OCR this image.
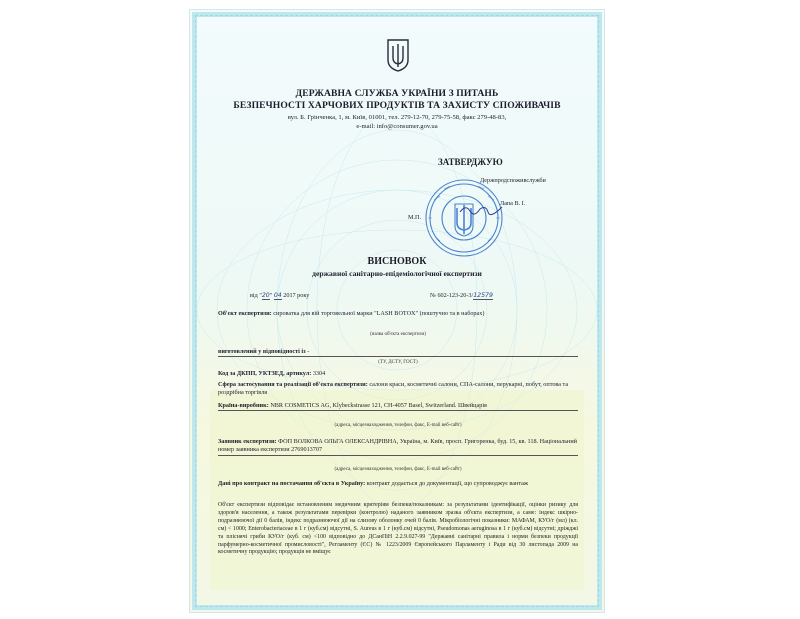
ДЕРЖАВНА СЛУЖБА УКРАЇНИ З ПИТАНЬ
БЕЗПЕЧНОСТІ ХАРЧОВИХ ПРОДУКТІВ ТА ЗАХИСТУ СПОЖИВАЧІВ
вул. Б. Грінченка, 1, м. Київ, 01001, тел. 279-12-70, 279-75-58, факс 279-48-83,
e-mail: info@consumer.gov.ua
ЗАТВЕРДЖУЮ
Держпродспоживслужби
Лапа В. І.
М.П.
ВИСНОВОК
державної санітарно-епідеміологічної експертизи
від "20" 04 2017 року	№ 602-123-20-3/12579
Об'єкт експертизи: сироватка для вій торговельної марки "LASH BOTOX" (поштучно та в наборах)
(назва об'єкта експертизи)
виготовлений у відповідності із -
(ТУ, ДСТУ, ГОСТ)
Код за ДКПП, УКТЗЕД, артикул: 3304
Сфера застосування та реалізації об'єкта експертизи: салони краси, косметичні салони, СПА-салони, перукарні, побут, оптова та роздрібна торгівля
Країна-виробник: NBR COSMETICS AG, Klybeckstrasse 121, CH-4057 Basel, Switzerland. Швейцарія
(адреса, місцезнаходження, телефон, факс, E-mail веб-сайт)
Заявник експертизи: ФОП ВОЛКОВА ОЛЬГА ОЛЕКСАНДРІВНА, Україна, м. Київ, просп. Григоренка, буд. 15, кв. 118. Національний номер заявника експертизи 2769013707
(адреса, місцезнаходження, телефон, факс, E-mail веб-сайт)
Дані про контракт на постачання об'єкта в Україну: контракт додається до документації, що супроводжує вантаж
Об'єкт експертизи відповідає встановленим медичним критеріям безпеки/показникам: за результатами ідентифікації, оцінки ризику для здоров'я населення, а також результатами перевірки (контролю) наданого заявником зразка об'єкта експертизи, а саме: індекс шкірно-подразнюючої дії 0 балів, індекс подразнюючої дії на слизову оболонку очей 0 балів. Мікробіологічні показники: МАФАМ, КУО/г (мл) (кл. см) < 1000; Enterobacteriaceae в 1 г (куб.см) відсутні, S. Aureus в 1 г (куб.см) відсутні, Pseudomonas aeruginosa в 1 г (куб.см) відсутні; дріжджі та пліснячі гриби КУО/г (куб. см) <100 відповідно до ДСанПіН 2.2.9.027-99 "Державні санітарні правила і норми безпеки продукції парфумерно-косметичної промисловості", Регламенту (ЄС) № 1223/2009 Європейського Парламенту і Ради від 30 листопада 2009 на косметичну продукцію; продукція не вміщує
